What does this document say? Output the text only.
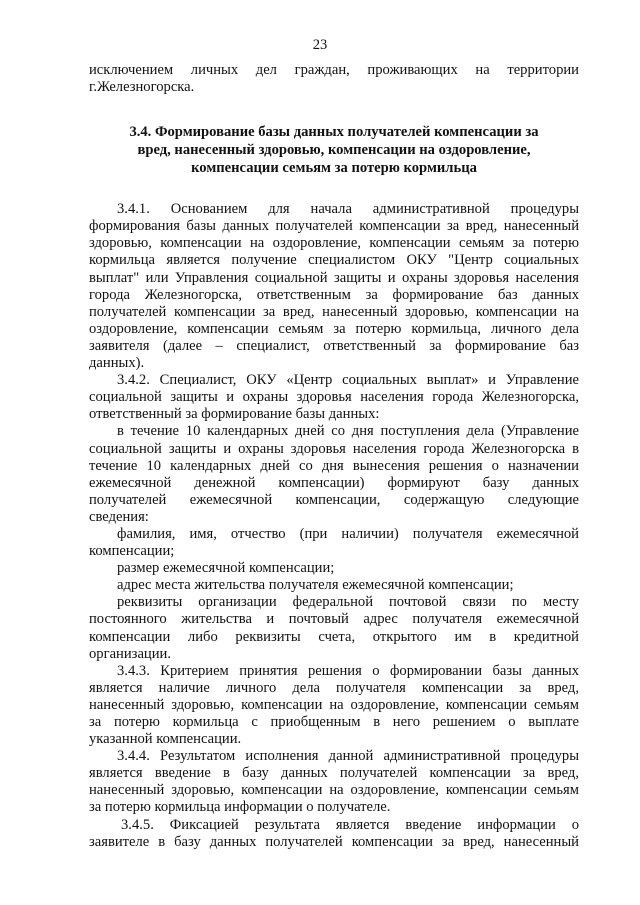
23

исключением личных дел граждан, проживающих на территории

г.Железногорска.

3.4. Формирование базы данных получателей компенсации за
вред, нанесенный здоровью, компенсации на оздоровление,
компенсации семьям за потерю кормильца

3.4.1. Основанием для начала административной процедуры

формирования базы данных получателей компенсации за вред, нанесенный

здоровью, компенсации на оздоровление, компенсации семьям за потерю

кормильца является получение специалистом ОКУ "Центр социальных

выплат" или Управления социальной защиты и охраны здоровья населения

города Железногорска, ответственным за формирование баз данных

получателей компенсации за вред, нанесенный здоровью, компенсации на

оздоровление, компенсации семьям за потерю кормильца, личного дела

заявителя (далее – специалист, ответственный за формирование баз

данных).

3.4.2. Специалист, ОКУ «Центр социальных выплат» и Управление

социальной защиты и охраны здоровья населения города Железногорска,

ответственный за формирование базы данных:

в течение 10 календарных дней со дня поступления дела (Управление

социальной защиты и охраны здоровья населения города Железногорска в

течение 10 календарных дней со дня вынесения решения о назначении

ежемесячной денежной компенсации) формируют базу данных

получателей ежемесячной компенсации, содержащую следующие

сведения:

фамилия, имя, отчество (при наличии) получателя ежемесячной

компенсации;

размер ежемесячной компенсации;

адрес места жительства получателя ежемесячной компенсации;

реквизиты организации федеральной почтовой связи по месту

постоянного жительства и почтовый адрес получателя ежемесячной

компенсации либо реквизиты счета, открытого им в кредитной

организации.

3.4.3. Критерием принятия решения о формировании базы данных

является наличие личного дела получателя компенсации за вред,

нанесенный здоровью, компенсации на оздоровление, компенсации семьям

за потерю кормильца с приобщенным в него решением о выплате

указанной компенсации.

3.4.4. Результатом исполнения данной административной процедуры

является введение в базу данных получателей компенсации за вред,

нанесенный здоровью, компенсации на оздоровление, компенсации семьям

за потерю кормильца информации о получателе.

3.4.5. Фиксацией результата является введение информации о

заявителе в базу данных получателей компенсации за вред, нанесенный
